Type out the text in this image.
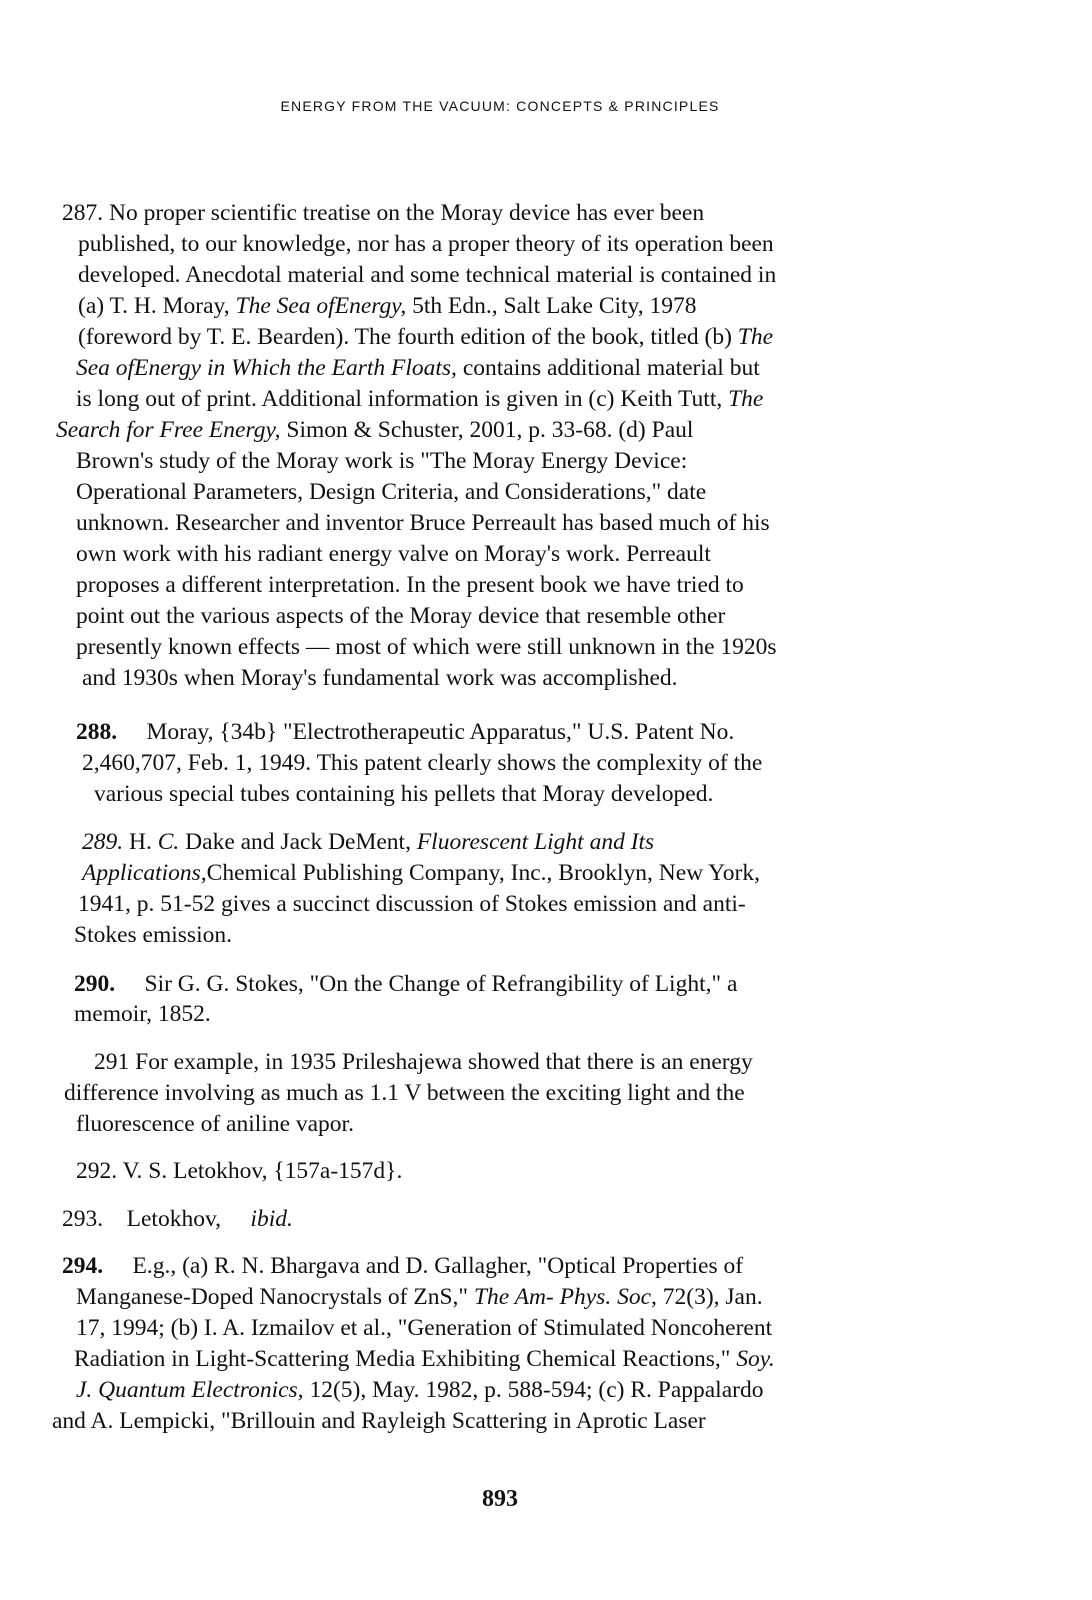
ENERGY FROM THE VACUUM: CONCEPTS & PRINCIPLES
287. No proper scientific treatise on the Moray device has ever been
published, to our knowledge, nor has a proper theory of its operation been
developed. Anecdotal material and some technical material is contained in
(a) T. H. Moray, The Sea ofEnergy, 5th Edn., Salt Lake City, 1978
(foreword by T. E. Bearden). The fourth edition of the book, titled (b) The
Sea ofEnergy in Which the Earth Floats, contains additional material but
is long out of print. Additional information is given in (c) Keith Tutt, The
Search for Free Energy, Simon & Schuster, 2001, p. 33-68. (d) Paul
Brown's study of the Moray work is "The Moray Energy Device:
Operational Parameters, Design Criteria, and Considerations," date
unknown. Researcher and inventor Bruce Perreault has based much of his
own work with his radiant energy valve on Moray's work. Perreault
proposes a different interpretation. In the present book we have tried to
point out the various aspects of the Moray device that resemble other
presently known effects — most of which were still unknown in the 1920s
and 1930s when Moray's fundamental work was accomplished.
288.     Moray, {34b} "Electrotherapeutic Apparatus," U.S. Patent No.
2,460,707, Feb. 1, 1949. This patent clearly shows the complexity of the
various special tubes containing his pellets that Moray developed.
289. H. C. Dake and Jack DeMent, Fluorescent Light and Its
Applications,Chemical Publishing Company, Inc., Brooklyn, New York,
1941, p. 51-52 gives a succinct discussion of Stokes emission and anti-
Stokes emission.
290.     Sir G. G. Stokes, "On the Change of Refrangibility of Light," a
memoir, 1852.
291 For example, in 1935 Prileshajewa showed that there is an energy
difference involving as much as 1.1 V between the exciting light and the
fluorescence of aniline vapor.
292. V. S. Letokhov, {157a-157d}.
293.    Letokhov,     ibid.
294.     E.g., (a) R. N. Bhargava and D. Gallagher, "Optical Properties of
Manganese-Doped Nanocrystals of ZnS," The Am- Phys. Soc, 72(3), Jan.
17, 1994; (b) I. A. Izmailov et al., "Generation of Stimulated Noncoherent
Radiation in Light-Scattering Media Exhibiting Chemical Reactions," Soy.
J. Quantum Electronics, 12(5), May. 1982, p. 588-594; (c) R. Pappalardo
and A. Lempicki, "Brillouin and Rayleigh Scattering in Aprotic Laser
893
